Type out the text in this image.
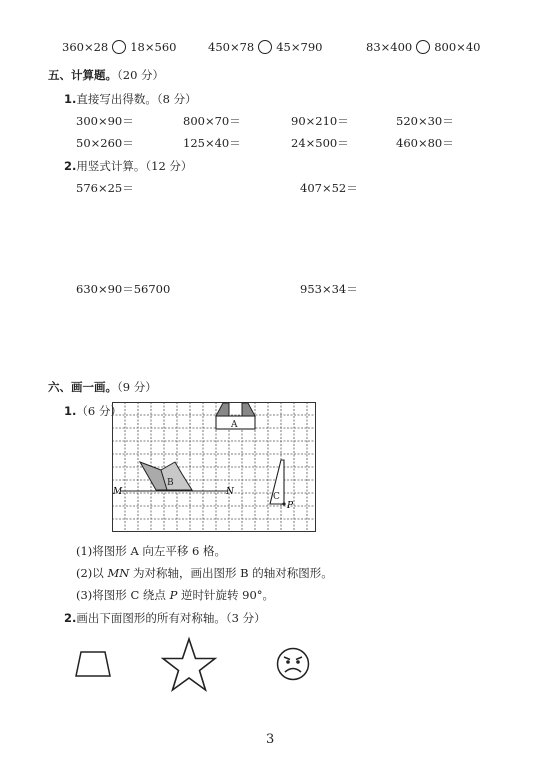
360×28 18×560	450×78 45×790	83×400 800×40
五、计算题。（20 分）
1.直接写出得数。（8 分）
300×90＝	800×70＝	90×210＝	520×30＝
50×260＝	125×40＝	24×500＝	460×80＝
2.用竖式计算。（12 分）
576×25＝	407×52＝
630×90＝56700	953×34＝
六、画一画。（9 分）
1.（6 分）
A
M	N
B
C
P
(1)将图形 A 向左平移 6 格。
(2)以 MN 为对称轴，画出图形 B 的轴对称图形。
(3)将图形 C 绕点 P 逆时针旋转 90°。
2.画出下面图形的所有对称轴。（3 分）
3
